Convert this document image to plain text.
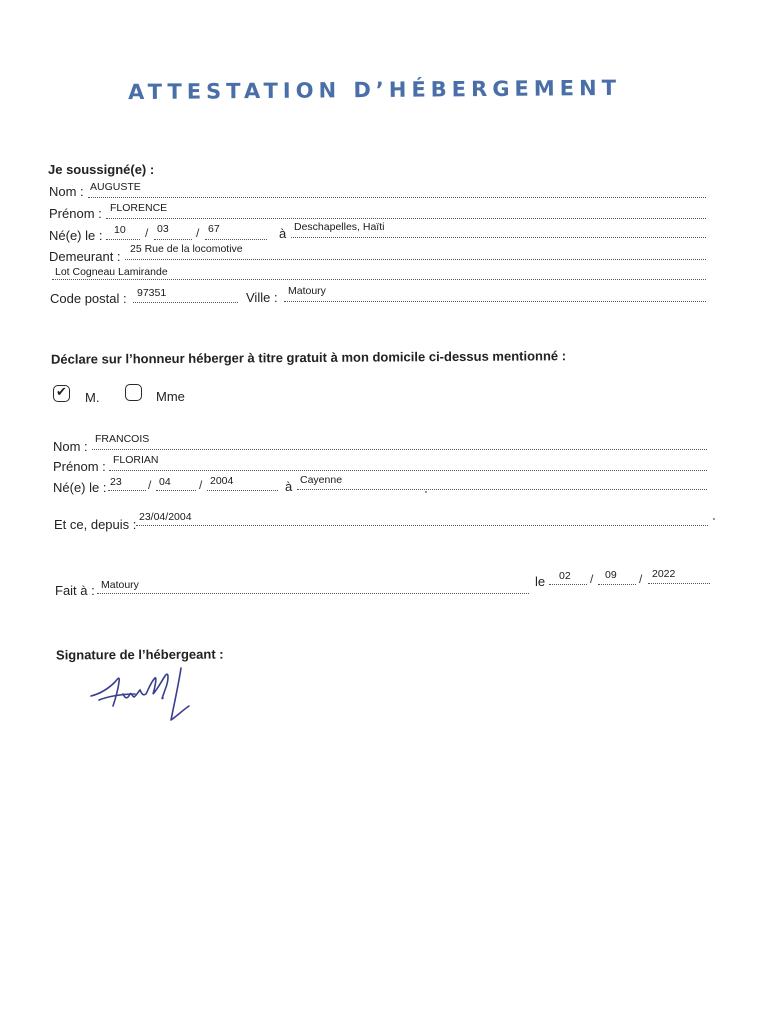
ATTESTATION D’HÉBERGEMENT
Je soussigné(e) :
Nom : AUGUSTE
Prénom : FLORENCE
Né(e) le : 10 / 03 / 67	à Deschapelles, Haïti
Demeurant : 25 Rue de la locomotive
Lot Cogneau Lamirande
Code postal : 97351	Ville : Matoury
Déclare sur l’honneur héberger à titre gratuit à mon domicile ci-dessus mentionné :
✔ M.	Mme
Nom : FRANCOIS
Prénom : FLORIAN
Né(e) le : 23 / 04 / 2004	à Cayenne
Et ce, depuis : 23/04/2004
Fait à : Matoury	le 02 / 09 / 2022
Signature de l’hébergeant :
